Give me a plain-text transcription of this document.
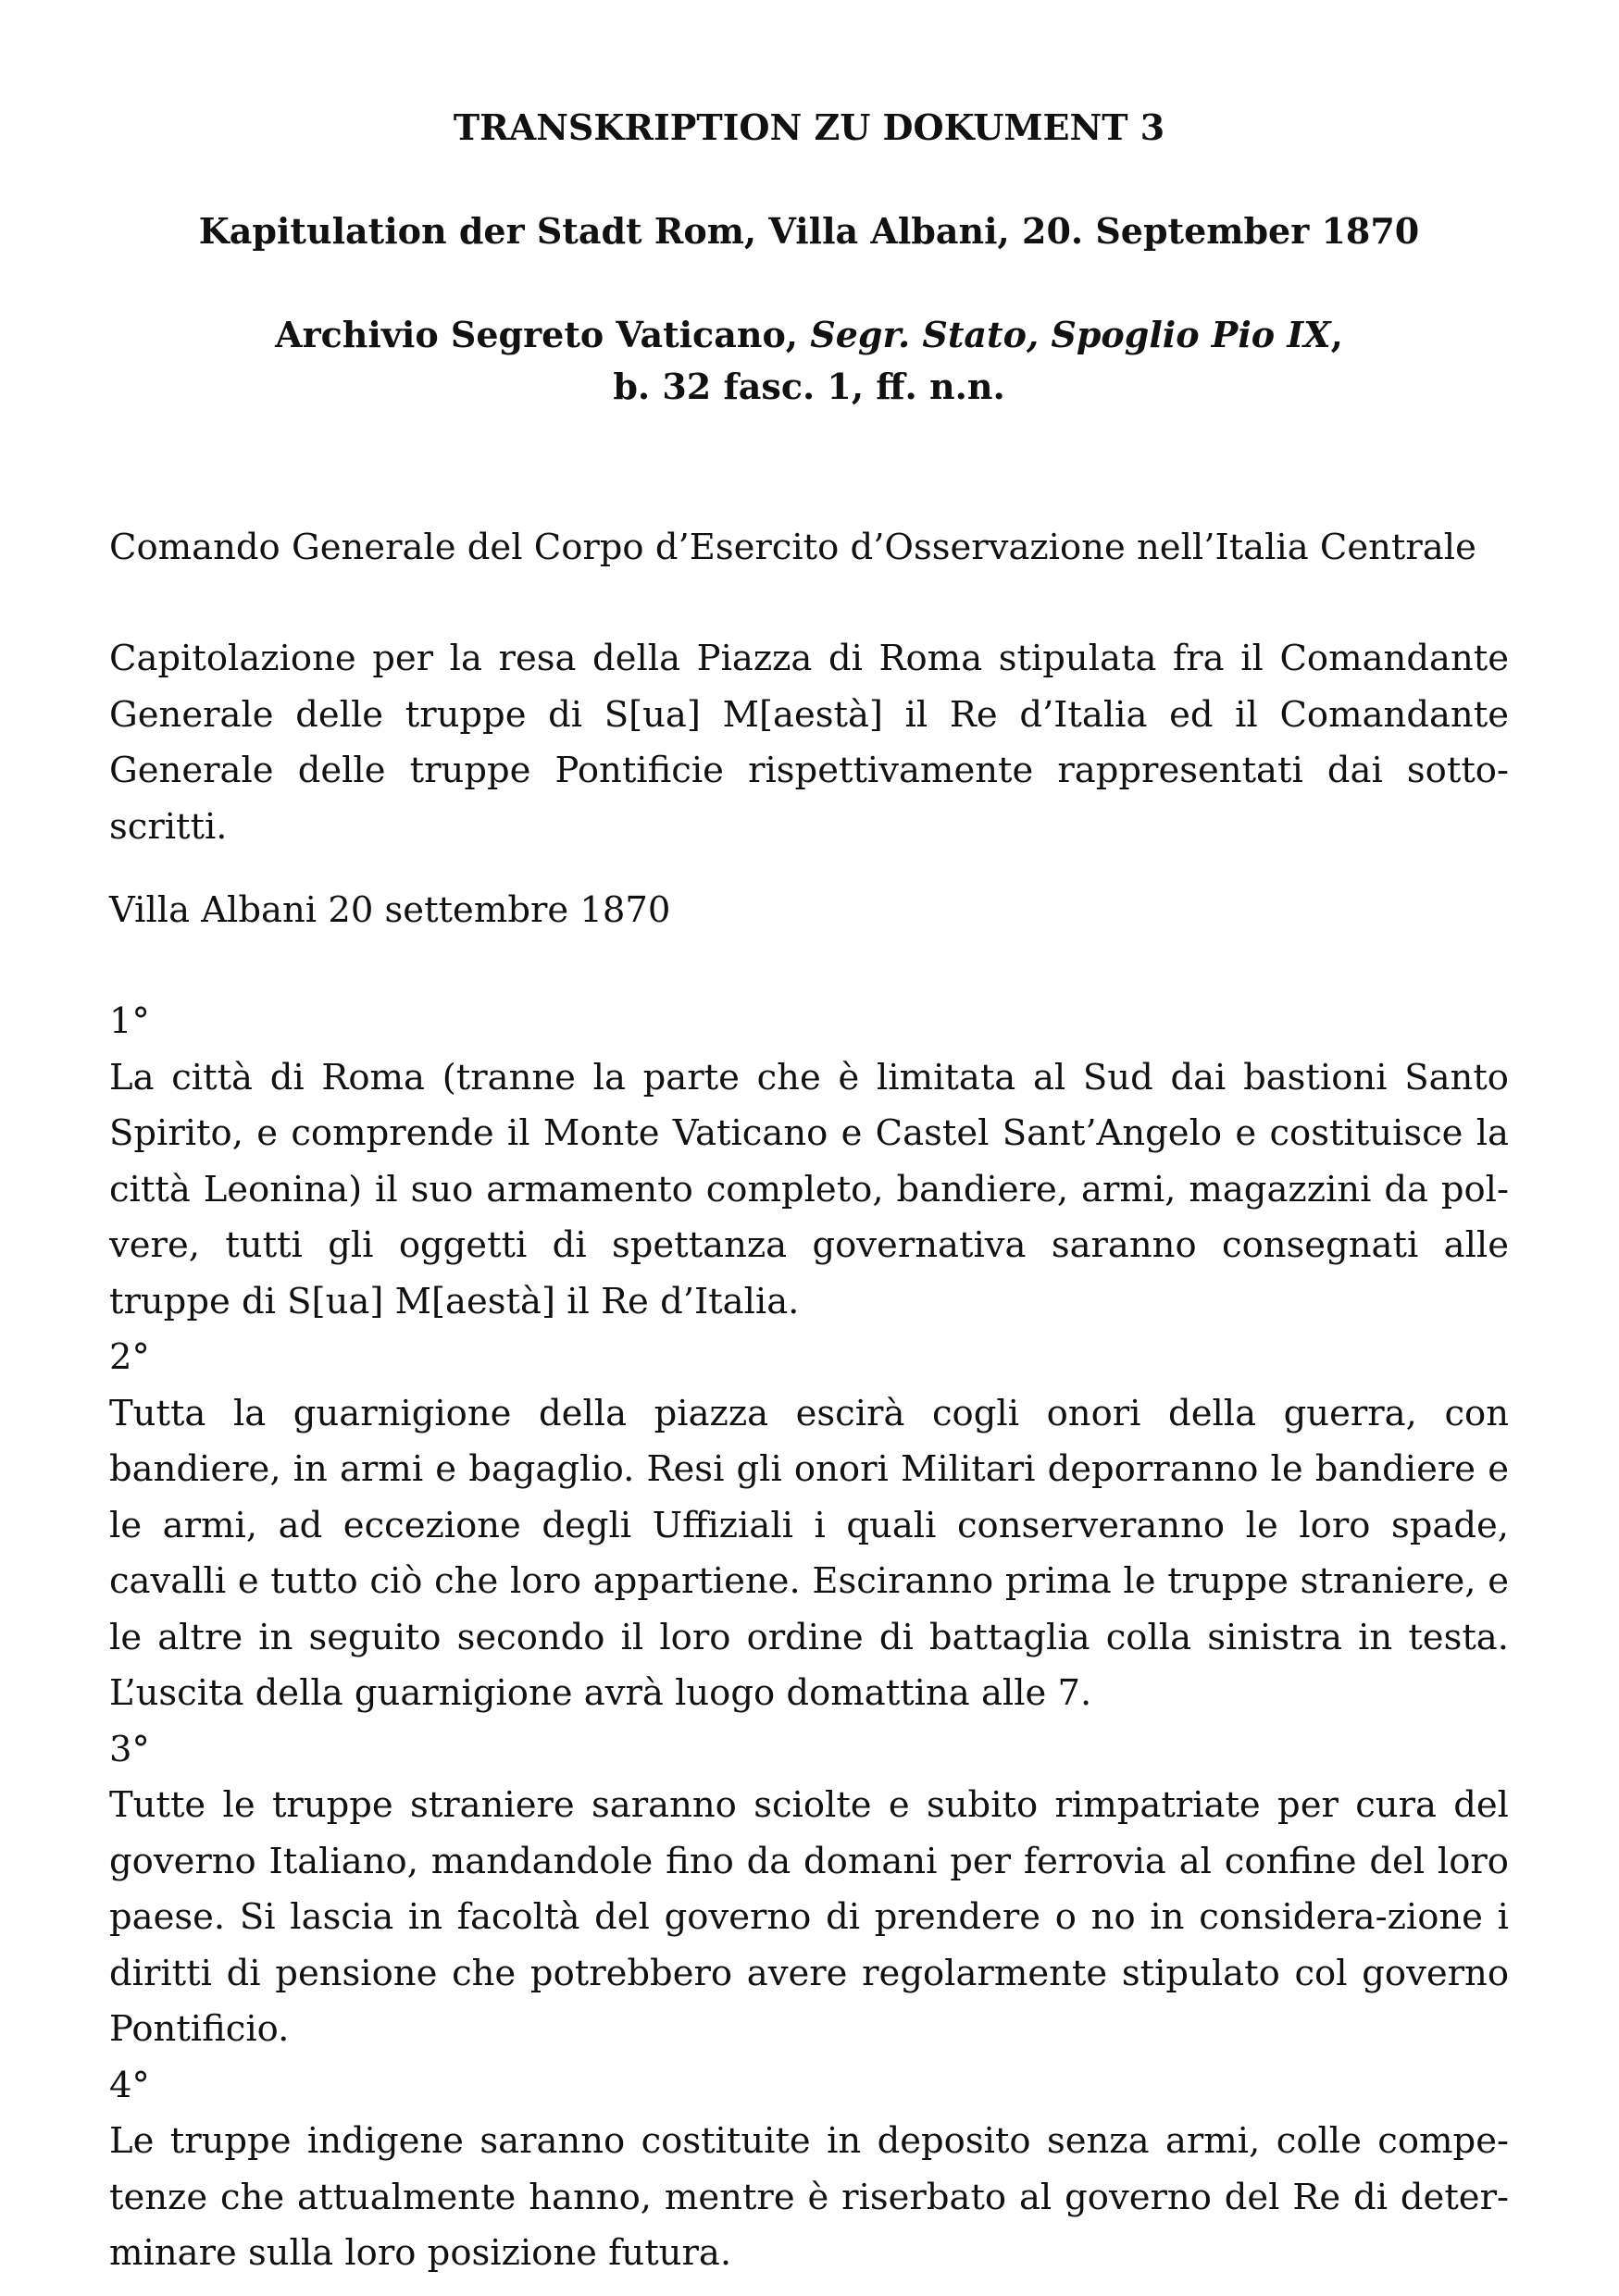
TRANSKRIPTION ZU DOKUMENT 3
Kapitulation der Stadt Rom, Villa Albani, 20. September 1870
Archivio Segreto Vaticano, Segr. Stato, Spoglio Pio IX,
b. 32 fasc. 1, ff. n.n.

Comando Generale del Corpo d’Esercito d’Osservazione nell’Italia Centrale

Capitolazione per la resa della Piazza di Roma stipulata fra il Comandante Generale delle truppe di S[ua] M[aestà] il Re d’Italia ed il Comandante Generale delle truppe Pontificie rispettivamente rappresentati dai sotto-scritti.

Villa Albani 20 settembre 1870

1°
La città di Roma (tranne la parte che è limitata al Sud dai bastioni Santo Spirito, e comprende il Monte Vaticano e Castel Sant’Angelo e costituisce la città Leonina) il suo armamento completo, bandiere, armi, magazzini da pol-vere, tutti gli oggetti di spettanza governativa saranno consegnati alle truppe di S[ua] M[aestà] il Re d’Italia.
2°
Tutta la guarnigione della piazza escirà cogli onori della guerra, con bandiere, in armi e bagaglio. Resi gli onori Militari deporranno le bandiere e le armi, ad eccezione degli Uffiziali i quali conserveranno le loro spade, cavalli e tutto ciò che loro appartiene. Esciranno prima le truppe straniere, e le altre in seguito secondo il loro ordine di battaglia colla sinistra in testa. L’uscita della guarnigione avrà luogo domattina alle 7.
3°
Tutte le truppe straniere saranno sciolte e subito rimpatriate per cura del governo Italiano, mandandole fino da domani per ferrovia al confine del loro paese. Si lascia in facoltà del governo di prendere o no in considera-zione i diritti di pensione che potrebbero avere regolarmente stipulato col governo Pontificio.
4°
Le truppe indigene saranno costituite in deposito senza armi, colle compe-tenze che attualmente hanno, mentre è riserbato al governo del Re di deter-minare sulla loro posizione futura.
